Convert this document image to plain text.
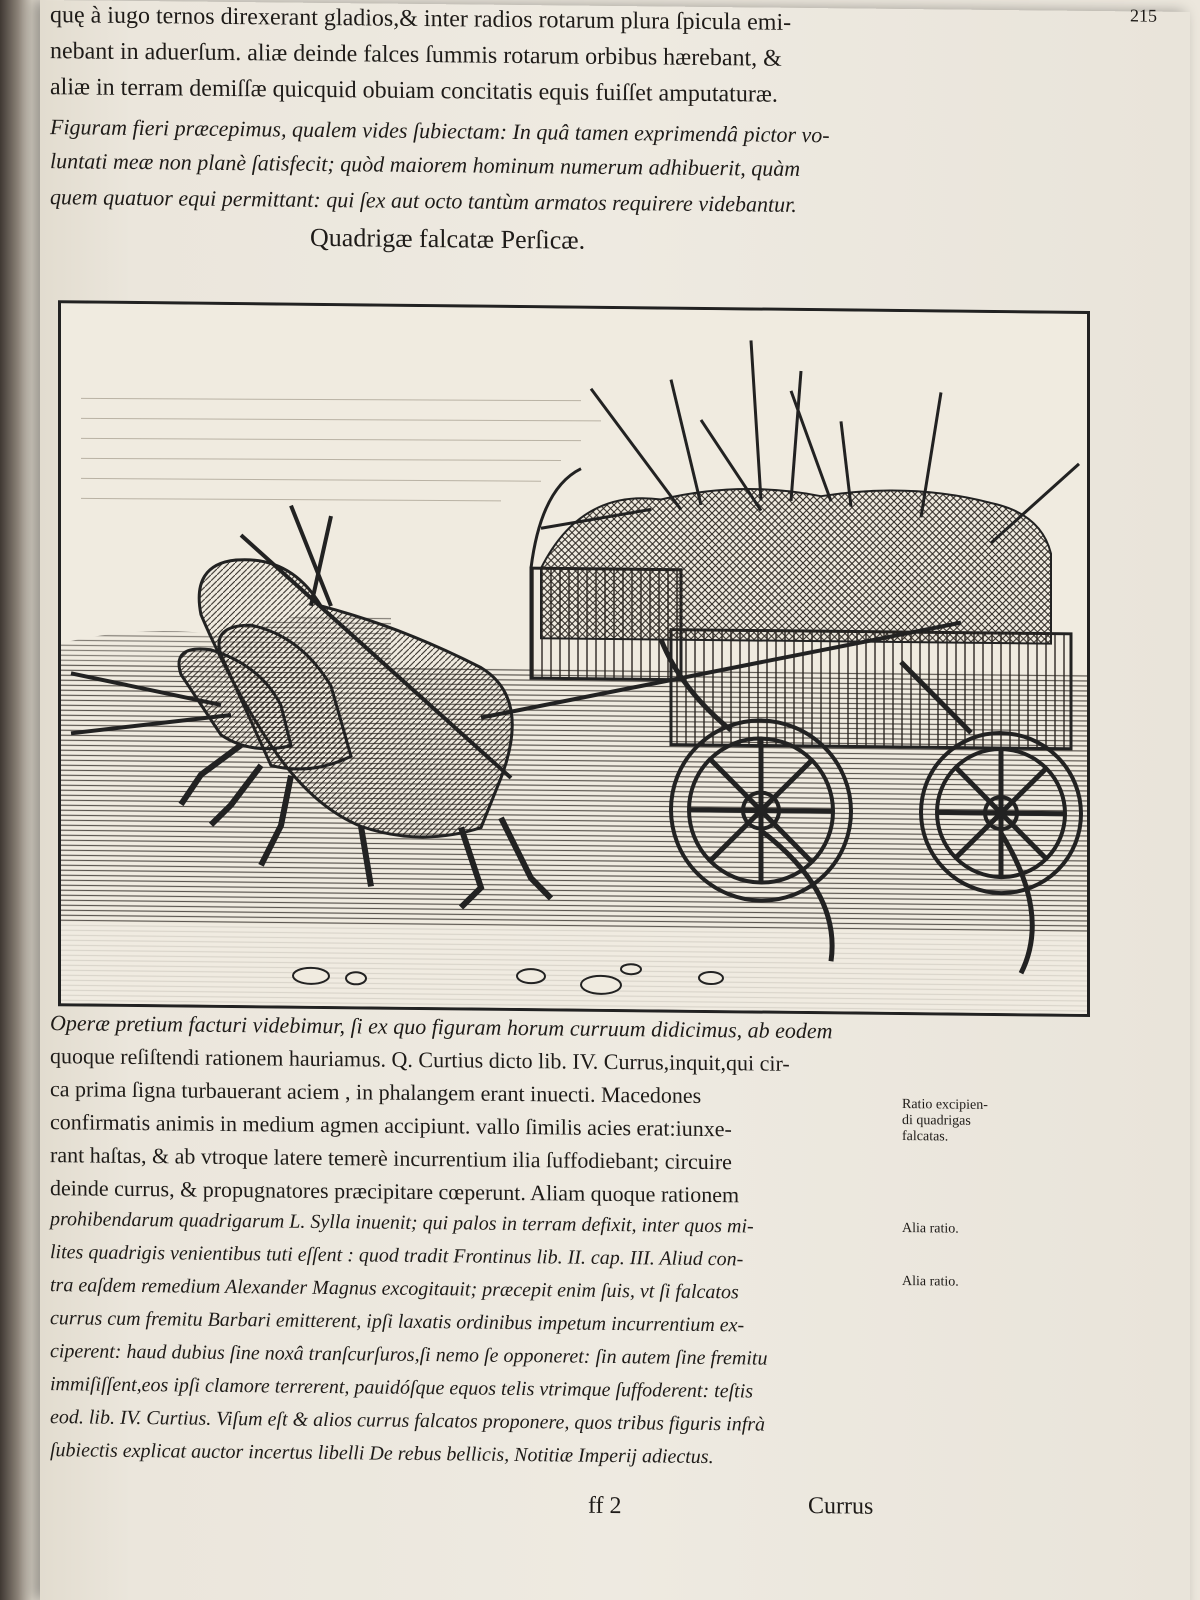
215
quę à iugo ternos direxerant gladios,& inter radios rotarum plura ſpicula emi-
nebant in aduerſum. aliæ deinde falces ſummis rotarum orbibus hærebant, &
aliæ in terram demiſſæ quicquid obuiam concitatis equis fuiſſet amputaturæ.
Figuram fieri præcepimus, qualem vides ſubiectam: In quâ tamen exprimendâ pictor vo-
luntati meæ non planè ſatisfecit; quòd maiorem hominum numerum adhibuerit, quàm
quem quatuor equi permittant: qui ſex aut octo tantùm armatos requirere videbantur.
Quadrigæ falcatæ Perſicæ.
Operæ pretium facturi videbimur, ſi ex quo figuram horum curruum didicimus, ab eodem
quoque reſiſtendi rationem hauriamus. Q. Curtius dicto lib. IV. Currus,inquit,qui cir-
ca prima ſigna turbauerant aciem , in phalangem erant inuecti. Macedones
confirmatis animis in medium agmen accipiunt. vallo ſimilis acies erat:iunxe-
rant haſtas, & ab vtroque latere temerè incurrentium ilia ſuffodiebant; circuire
deinde currus, & propugnatores præcipitare cœperunt. Aliam quoque rationem
prohibendarum quadrigarum L. Sylla inuenit; qui palos in terram defixit, inter quos mi-
lites quadrigis venientibus tuti eſſent : quod tradit Frontinus lib. II. cap. III. Aliud con-
tra eaſdem remedium Alexander Magnus excogitauit; præcepit enim ſuis, vt ſi falcatos
currus cum fremitu Barbari emitterent, ipſi laxatis ordinibus impetum incurrentium ex-
ciperent: haud dubius ſine noxâ tranſcurſuros,ſi nemo ſe opponeret: ſin autem ſine fremitu
immiſiſſent,eos ipſi clamore terrerent, pauidóſque equos telis vtrimque ſuffoderent: teſtis
eod. lib. IV. Curtius. Viſum eſt & alios currus falcatos proponere, quos tribus figuris infrà
ſubiectis explicat auctor incertus libelli De rebus bellicis, Notitiæ Imperij adiectus.
Ratio excipien-
di quadrigas
falcatas.
Alia ratio.
Alia ratio.
ff 2	Currus
